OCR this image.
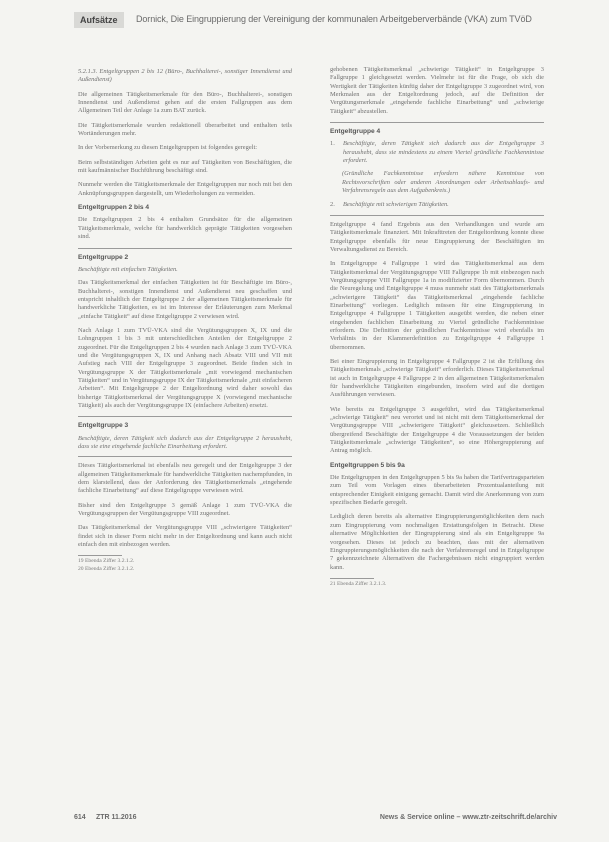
Aufsätze	Dornick, Die Eingruppierung der Vereinigung der kommunalen Arbeitgeberverbände (VKA) zum TVöD

5.2.1.3. Entgeltgruppen 2 bis 12 (Büro-, Buchhalterei-, sonstiger Innendienst und Außendienst)

Die allgemeinen Tätigkeitsmerkmale für den Büro-, Buchhalterei-, sonstigen Innendienst und Außendienst gehen auf die ersten Fallgruppen aus dem Allgemeinen Teil der Anlage 1a zum BAT zurück.

Die Tätigkeitsmerkmale wurden redaktionell überarbeitet und enthalten teils Wortänderungen mehr.

In der Vorbemerkung zu diesen Entgeltgruppen ist folgendes geregelt:

Beim selbstständigen Arbeiten geht es nur auf Tätigkeiten von Beschäftigten, die mit kaufmännischer Buchführung beschäftigt sind.

Nunmehr werden die Tätigkeitsmerkmale der Entgeltgruppen nur noch mit bei den Anknüpfungsgruppen dargestellt, um Wiederholungen zu vermeiden.

Entgeltgruppen 2 bis 4

Die Entgeltgruppen 2 bis 4 enthalten Grundsätze für die allgemeinen Tätigkeitsmerkmale, welche für handwerklich geprägte Tätigkeiten vorgesehen sind.

Entgeltgruppe 2

Beschäftigte mit einfachen Tätigkeiten.

Das Tätigkeitsmerkmal der einfachen Tätigkeiten ist für Beschäftigte im Büro-, Buchhalterei-, sonstigen Innendienst und Außendienst neu geschaffen und entspricht inhaltlich der Entgeltgruppe 2 der allgemeinen Tätigkeitsmerkmale für handwerkliche Tätigkeiten, es ist im Interesse der Erläuterungen zum Merkmal „einfache Tätigkeit“ auf diese Entgeltgruppe 2 verwiesen wird.

Nach Anlage 1 zum TVÜ-VKA sind die Vergütungsgruppen X, IX und die Lohngruppen 1 bis 3 mit unterschiedlichen Anteilen der Entgeltgruppe 2 zugeordnet. Für die Entgeltgruppen 2 bis 4 wurden nach Anlage 3 zum TVÜ-VKA und die Vergütungsgruppen X, IX und Anhang nach Absatz VIII und VII mit Aufstieg nach VIII der Entgeltgruppe 3 zugeordnet. Beide finden sich in Vergütungsgruppe X der Tätigkeitsmerkmale „mit vorwiegend mechanischen Tätigkeiten“ und in Vergütungsgruppe IX der Tätigkeitsmerkmale „mit einfacheren Arbeiten“. Mit Entgeltgruppe 2 der Entgeltordnung wird daher sowohl das bisherige Tätigkeitsmerkmal der Vergütungsgruppe X (vorwiegend mechanische Tätigkeit) als auch der Vergütungsgruppe IX (einfachere Arbeiten) ersetzt.

Entgeltgruppe 3

Beschäftigte, deren Tätigkeit sich dadurch aus der Entgeltgruppe 2 heraushebt, dass sie eine eingehende fachliche Einarbeitung erfordert.

Dieses Tätigkeitsmerkmal ist ebenfalls neu geregelt und der Entgeltgruppe 3 der allgemeinen Tätigkeitsmerkmale für handwerkliche Tätigkeiten nachempfunden, in dem klarstellend, dass der Anforderung des Tätigkeitsmerkmals „eingehende fachliche Einarbeitung“ auf diese Entgeltgruppe verwiesen wird.

Bisher sind den Entgeltgruppe 3 gemäß Anlage 1 zum TVÜ-VKA die Vergütungsgruppen der Vergütungsgruppe VIII zugeordnet.

Das Tätigkeitsmerkmal der Vergütungsgruppe VIII „schwierigere Tätigkeiten“ findet sich in dieser Form nicht mehr in der Entgeltordnung und kann auch nicht einfach den mit einbezogen werden.

19 Ebenda Ziffer 3.2.1.2.
20 Ebenda Ziffer 3.2.1.2.

gehobenen Tätigkeitsmerkmal „schwierige Tätigkeit“ in Entgeltgruppe 3 Fallgruppe 1 gleichgesetzt werden. Vielmehr ist für die Frage, ob sich die Wertigkeit der Tätigkeiten künftig daher der Entgeltgruppe 3 zugeordnet wird, von Merkmalen aus der Entgeltordnung jedoch, auf die Definition der Vergütungsmerkmale „eingehende fachliche Einarbeitung“ und „schwierige Tätigkeit“ abzustellen.

Entgeltgruppe 4
1.	Beschäftigte, deren Tätigkeit sich dadurch aus der Entgeltgruppe 3 heraushebt, dass sie mindestens zu einem Viertel gründliche Fachkenntnisse erfordert.

(Gründliche Fachkenntnisse erfordern nähere Kenntnisse von Rechtsvorschriften oder anderen Anordnungen oder Arbeitsablaufs- und Verfahrensregeln aus dem Aufgabenkreis.)

2.	Beschäftigte mit schwierigen Tätigkeiten.

Entgeltgruppe 4 fand Ergebnis aus den Verhandlungen und wurde am Tätigkeitsmerkmale finanziert. Mit Inkrafttreten der Entgeltordnung konnte diese Entgeltgruppe ebenfalls für neue Eingruppierung der Beschäftigten im Verwaltungsdienst zu Bereich.

In Entgeltgruppe 4 Fallgruppe 1 wird das Tätigkeitsmerkmal aus dem Tätigkeitsmerkmal der Vergütungsgruppe VIII Fallgruppe 1b mit einbezogen nach Vergütungsgruppe VIII Fallgruppe 1a in modifizierter Form übernommen. Durch die Neuregelung und Entgeltgruppe 4 muss nunmehr statt des Tätigkeitsmerkmals „schwierigere Tätigkeit“ das Tätigkeitsmerkmal „eingehende fachliche Einarbeitung“ vorliegen. Lediglich müssen für eine Eingruppierung in Entgeltgruppe 4 Fallgruppe 1 Tätigkeiten ausgeübt werden, die neben einer eingehenden fachlichen Einarbeitung zu Viertel gründliche Fachkenntnisse erfordern. Die Definition der gründlichen Fachkenntnisse wird ebenfalls im Verhältnis in der Klammerdefinition zu Entgeltgruppe 4 Fallgruppe 1 übernommen.

Bei einer Eingruppierung in Entgeltgruppe 4 Fallgruppe 2 ist die Erfüllung des Tätigkeitsmerkmals „schwierige Tätigkeit“ erforderlich. Dieses Tätigkeitsmerkmal ist auch in Entgeltgruppe 4 Fallgruppe 2 in den allgemeinen Tätigkeitsmerkmalen für handwerkliche Tätigkeiten eingebunden, insofern wird auf die dortigen Ausführungen verwiesen.

Wie bereits zu Entgeltgruppe 3 ausgeführt, wird das Tätigkeitsmerkmal „schwierige Tätigkeit“ neu verortet und ist nicht mit dem Tätigkeitsmerkmal der Vergütungsgruppe VIII „schwierigere Tätigkeit“ gleichzusetzen. Schließlich übergreifend Beschäftigte der Entgeltgruppe 4 die Voraussetzungen der beiden Tätigkeitsmerkmale „schwierige Tätigkeiten“, so eine Höhergruppierung auf Antrag möglich.

Entgeltgruppen 5 bis 9a

Die Entgeltgruppen in den Entgeltgruppen 5 bis 9a haben die Tarifvertragsparteien zum Teil vom Vorlagen eines überarbeiteten Prozentualanteilung mit entsprechender Einigkeit einigung gemacht. Damit wird die Anerkennung von zum spezifischen Bedarfe geregelt.

Lediglich deren bereits als alternative Eingruppierungsmöglichkeiten dem nach zum Eingruppierung vom nochmaligen Erstattungsfolgen in Betracht. Diese alternative Möglichkeiten der Eingruppierung sind als ein Entgeltgruppe 9a vorgesehen. Dieses ist jedoch zu beachten, dass mit der alternativen Eingruppierungsmöglichkeiten die nach der Verfahrensregel und in Entgeltgruppe 7 gekennzeichnete Alternativen die Fachergebnissen nicht eingruppiert werden kann.

21 Ebenda Ziffer 3.2.1.3.
614 ZTR 11.2016	News & Service online – www.ztr-zeitschrift.de/archiv
